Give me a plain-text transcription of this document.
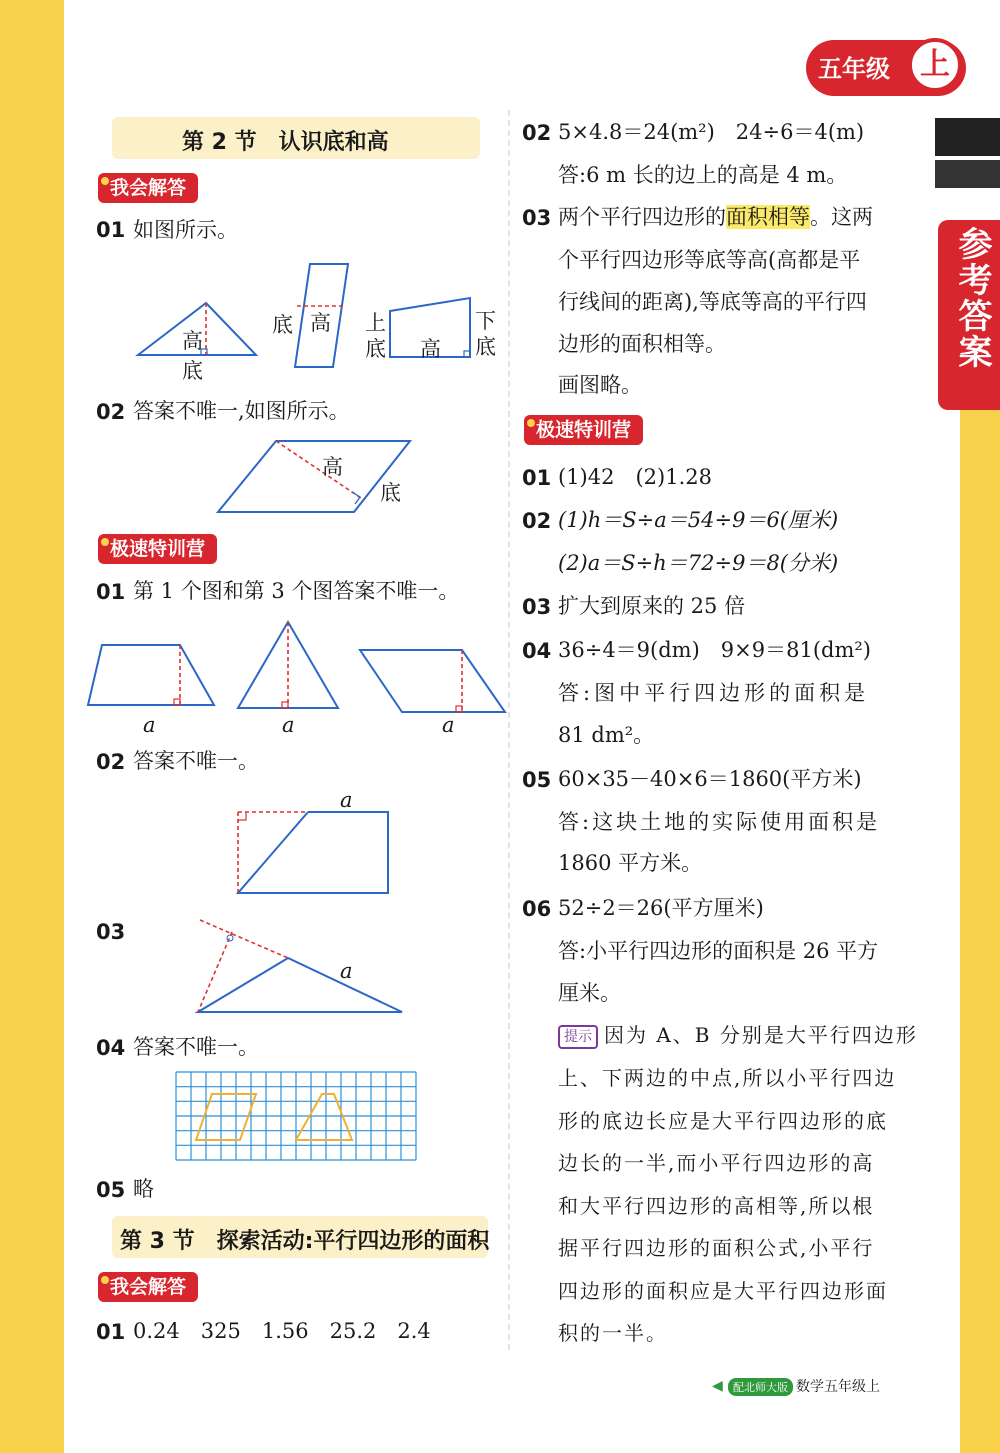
参考答案
五年级 上
第 2 节　认识底和高
我会解答
01 如图所示。
高
底
底 高 上
底 高
下
底
02 答案不唯一,如图所示。
高
底
极速特训营
01 第 1 个图和第 3 个图答案不唯一。
a	a	a
02 答案不唯一。
a
03
a
04 答案不唯一。
05 略
第 3 节　探索活动:平行四边形的面积
我会解答
01 0.24　325　1.56　25.2　2.4
02 5×4.8＝24(m²)　24÷6＝4(m)
答:6 m 长的边上的高是 4 m。
03 两个平行四边形的面积相等。这两
个平行四边形等底等高(高都是平
行线间的距离),等底等高的平行四
边形的面积相等。
画图略。
极速特训营
01 (1)42　(2)1.28
02 (1)h＝S÷a＝54÷9＝6(厘米)
(2)a＝S÷h＝72÷9＝8(分米)
03 扩大到原来的 25 倍
04 36÷4＝9(dm)　9×9＝81(dm²)
答:图中平行四边形的面积是
81 dm²。
05 60×35－40×6＝1860(平方米)
答:这块土地的实际使用面积是
1860 平方米。
06 52÷2＝26(平方厘米)
答:小平行四边形的面积是 26 平方
厘米。
提示 因为 A、B 分别是大平行四边形
上、下两边的中点,所以小平行四边
形的底边长应是大平行四边形的底
边长的一半,而小平行四边形的高
和大平行四边形的高相等,所以根
据平行四边形的面积公式,小平行
四边形的面积应是大平行四边形面
积的一半。
◀ 配北师大版 数学五年级上
